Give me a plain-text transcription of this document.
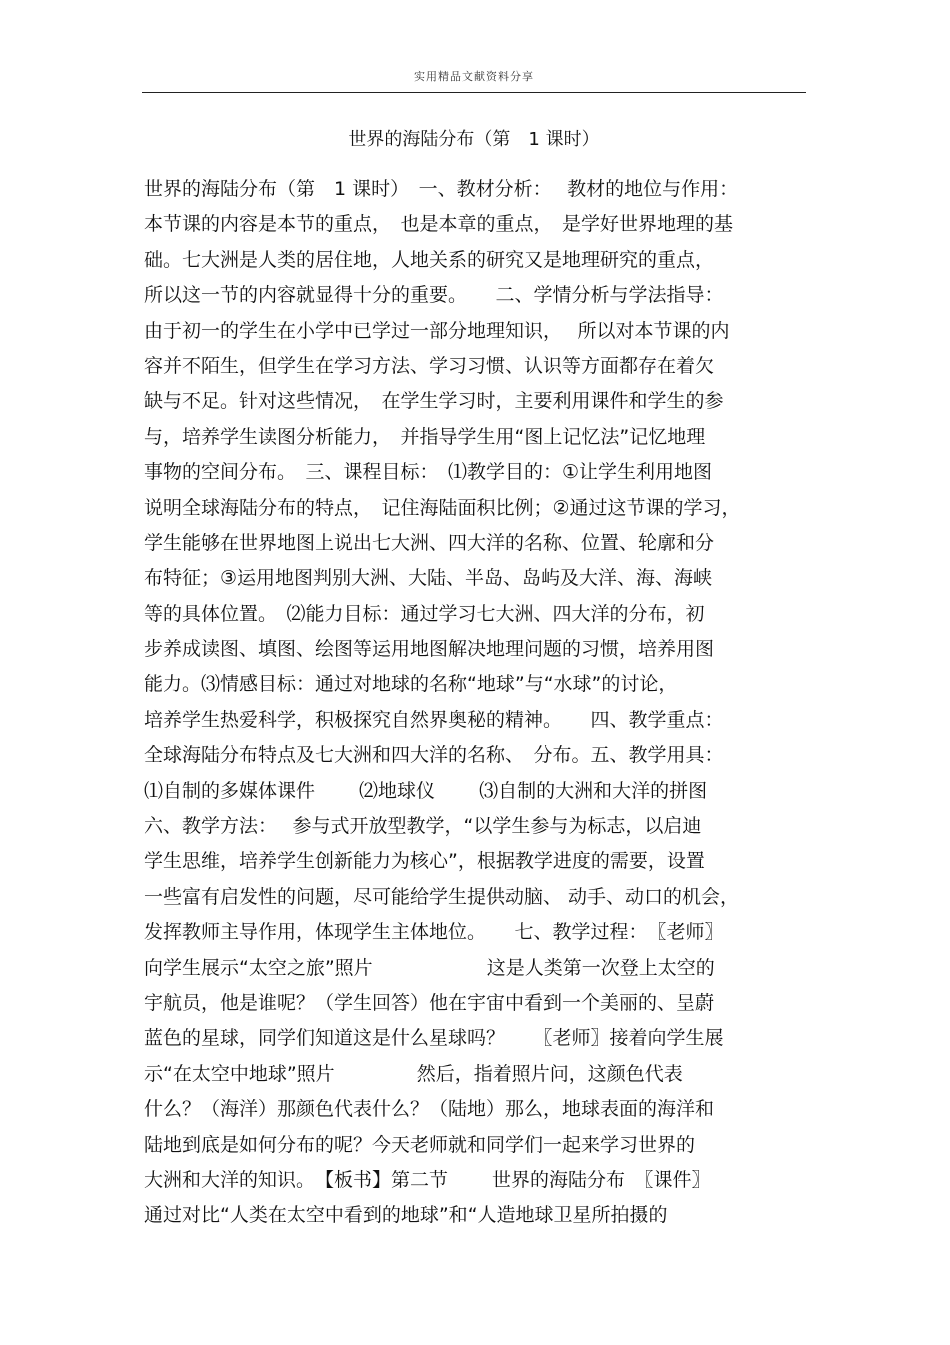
实用精品文献资料分享
世界的海陆分布（第　1 课时）
世界的海陆分布（第　1 课时）　一、教材分析：　 教材的地位与作用：
本节课的内容是本节的重点，　也是本章的重点，　是学好世界地理的基
础。七大洲是人类的居住地，人地关系的研究又是地理研究的重点，
所以这一节的内容就显得十分的重要。　　二、学情分析与学法指导：
由于初一的学生在小学中已学过一部分地理知识，　 所以对本节课的内
容并不陌生，但学生在学习方法、学习习惯、认识等方面都存在着欠
缺与不足。针对这些情况，　在学生学习时，主要利用课件和学生的参
与，培养学生读图分析能力，　并指导学生用“图上记忆法”记忆地理
事物的空间分布。　三、课程目标：　⑴教学目的：①让学生利用地图
说明全球海陆分布的特点，　记住海陆面积比例；②通过这节课的学习，
学生能够在世界地图上说出七大洲、四大洋的名称、位置、轮廓和分
布特征；③运用地图判别大洲、大陆、半岛、岛屿及大洋、海、海峡
等的具体位置。　⑵能力目标：通过学习七大洲、四大洋的分布，初
步养成读图、填图、绘图等运用地图解决地理问题的习惯，培养用图
能力。⑶情感目标：通过对地球的名称“地球”与“水球”的讨论，
培养学生热爱科学，积极探究自然界奥秘的精神。　　四、教学重点：
全球海陆分布特点及七大洲和四大洋的名称、　分布。五、教学用具：
⑴自制的多媒体课件　　 ⑵地球仪　　 ⑶自制的大洲和大洋的拼图
六、教学方法：　 参与式开放型教学，“以学生参与为标志，以启迪
学生思维，培养学生创新能力为核心”，根据教学进度的需要，设置
一些富有启发性的问题，尽可能给学生提供动脑、 动手、动口的机会，
发挥教师主导作用，体现学生主体地位。　　七、教学过程：　〖老师〗
向学生展示“太空之旅”照片　　　　　　这是人类第一次登上太空的
宇航员，他是谁呢？（学生回答）他在宇宙中看到一个美丽的、呈蔚
蓝色的星球，同学们知道这是什么星球吗？　　〖老师〗接着向学生展
示“在太空中地球”照片　　　　 然后，指着照片问，这颜色代表
什么？（海洋）那颜色代表什么？（陆地）那么，地球表面的海洋和
陆地到底是如何分布的呢？今天老师就和同学们一起来学习世界的
大洲和大洋的知识。　【板书】第二节　　 世界的海陆分布　〖课件〗
通过对比“人类在太空中看到的地球”和“人造地球卫星所拍摄的
